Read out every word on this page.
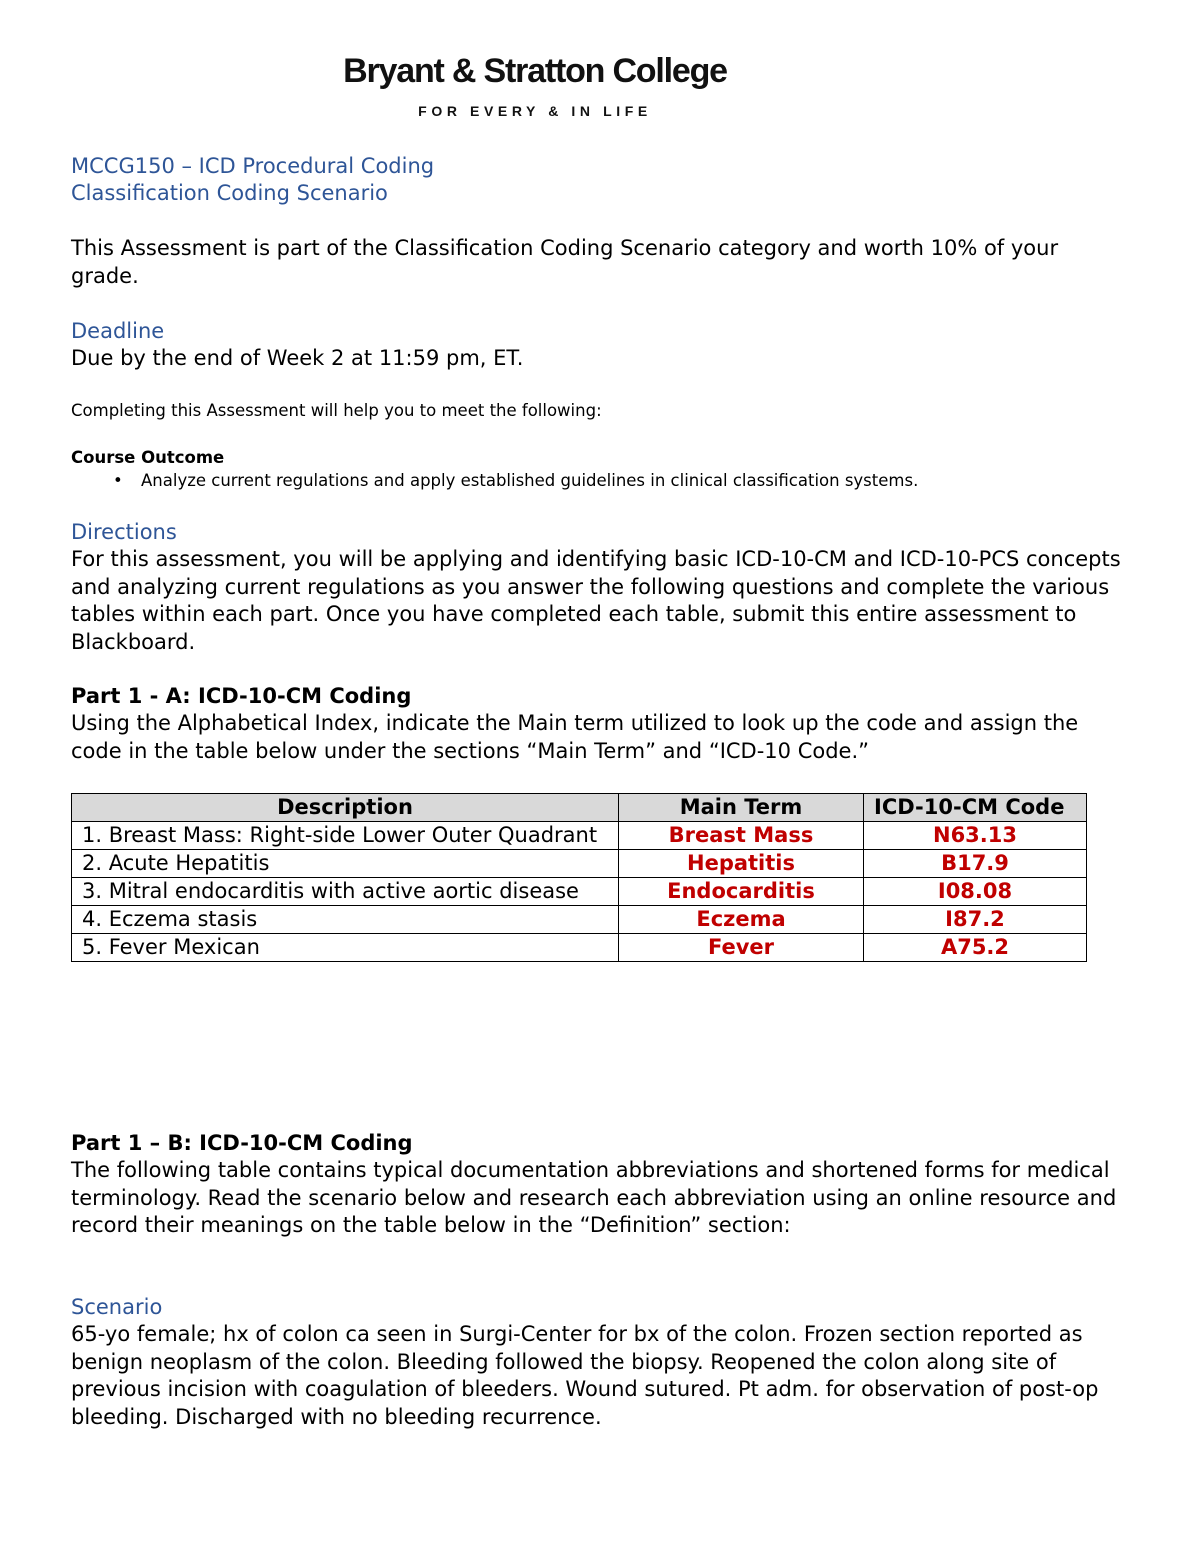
Bryant & Stratton College
FOR EVERY & IN LIFE
MCCG150 – ICD Procedural Coding
Classification Coding Scenario
This Assessment is part of the Classification Coding Scenario category and worth 10% of your grade.
Deadline
Due by the end of Week 2 at 11:59 pm, ET.
Completing this Assessment will help you to meet the following:
Course Outcome
• Analyze current regulations and apply established guidelines in clinical classification systems.
Directions
For this assessment, you will be applying and identifying basic ICD-10-CM and ICD-10-PCS concepts and analyzing current regulations as you answer the following questions and complete the various tables within each part. Once you have completed each table, submit this entire assessment to Blackboard.
Part 1 - A: ICD-10-CM Coding
Using the Alphabetical Index, indicate the Main term utilized to look up the code and assign the code in the table below under the sections “Main Term” and “ICD-10 Code.”
Description	Main Term	ICD-10-CM Code
1. Breast Mass: Right-side Lower Outer Quadrant	Breast Mass	N63.13
2. Acute Hepatitis	Hepatitis	B17.9
3. Mitral endocarditis with active aortic disease	Endocarditis	I08.08
4. Eczema stasis	Eczema	I87.2
5. Fever Mexican	Fever	A75.2
Part 1 – B: ICD-10-CM Coding
The following table contains typical documentation abbreviations and shortened forms for medical terminology. Read the scenario below and research each abbreviation using an online resource and record their meanings on the table below in the “Definition” section:
Scenario
65-yo female; hx of colon ca seen in Surgi-Center for bx of the colon. Frozen section reported as benign neoplasm of the colon. Bleeding followed the biopsy. Reopened the colon along site of previous incision with coagulation of bleeders. Wound sutured. Pt adm. for observation of post-op bleeding. Discharged with no bleeding recurrence.
